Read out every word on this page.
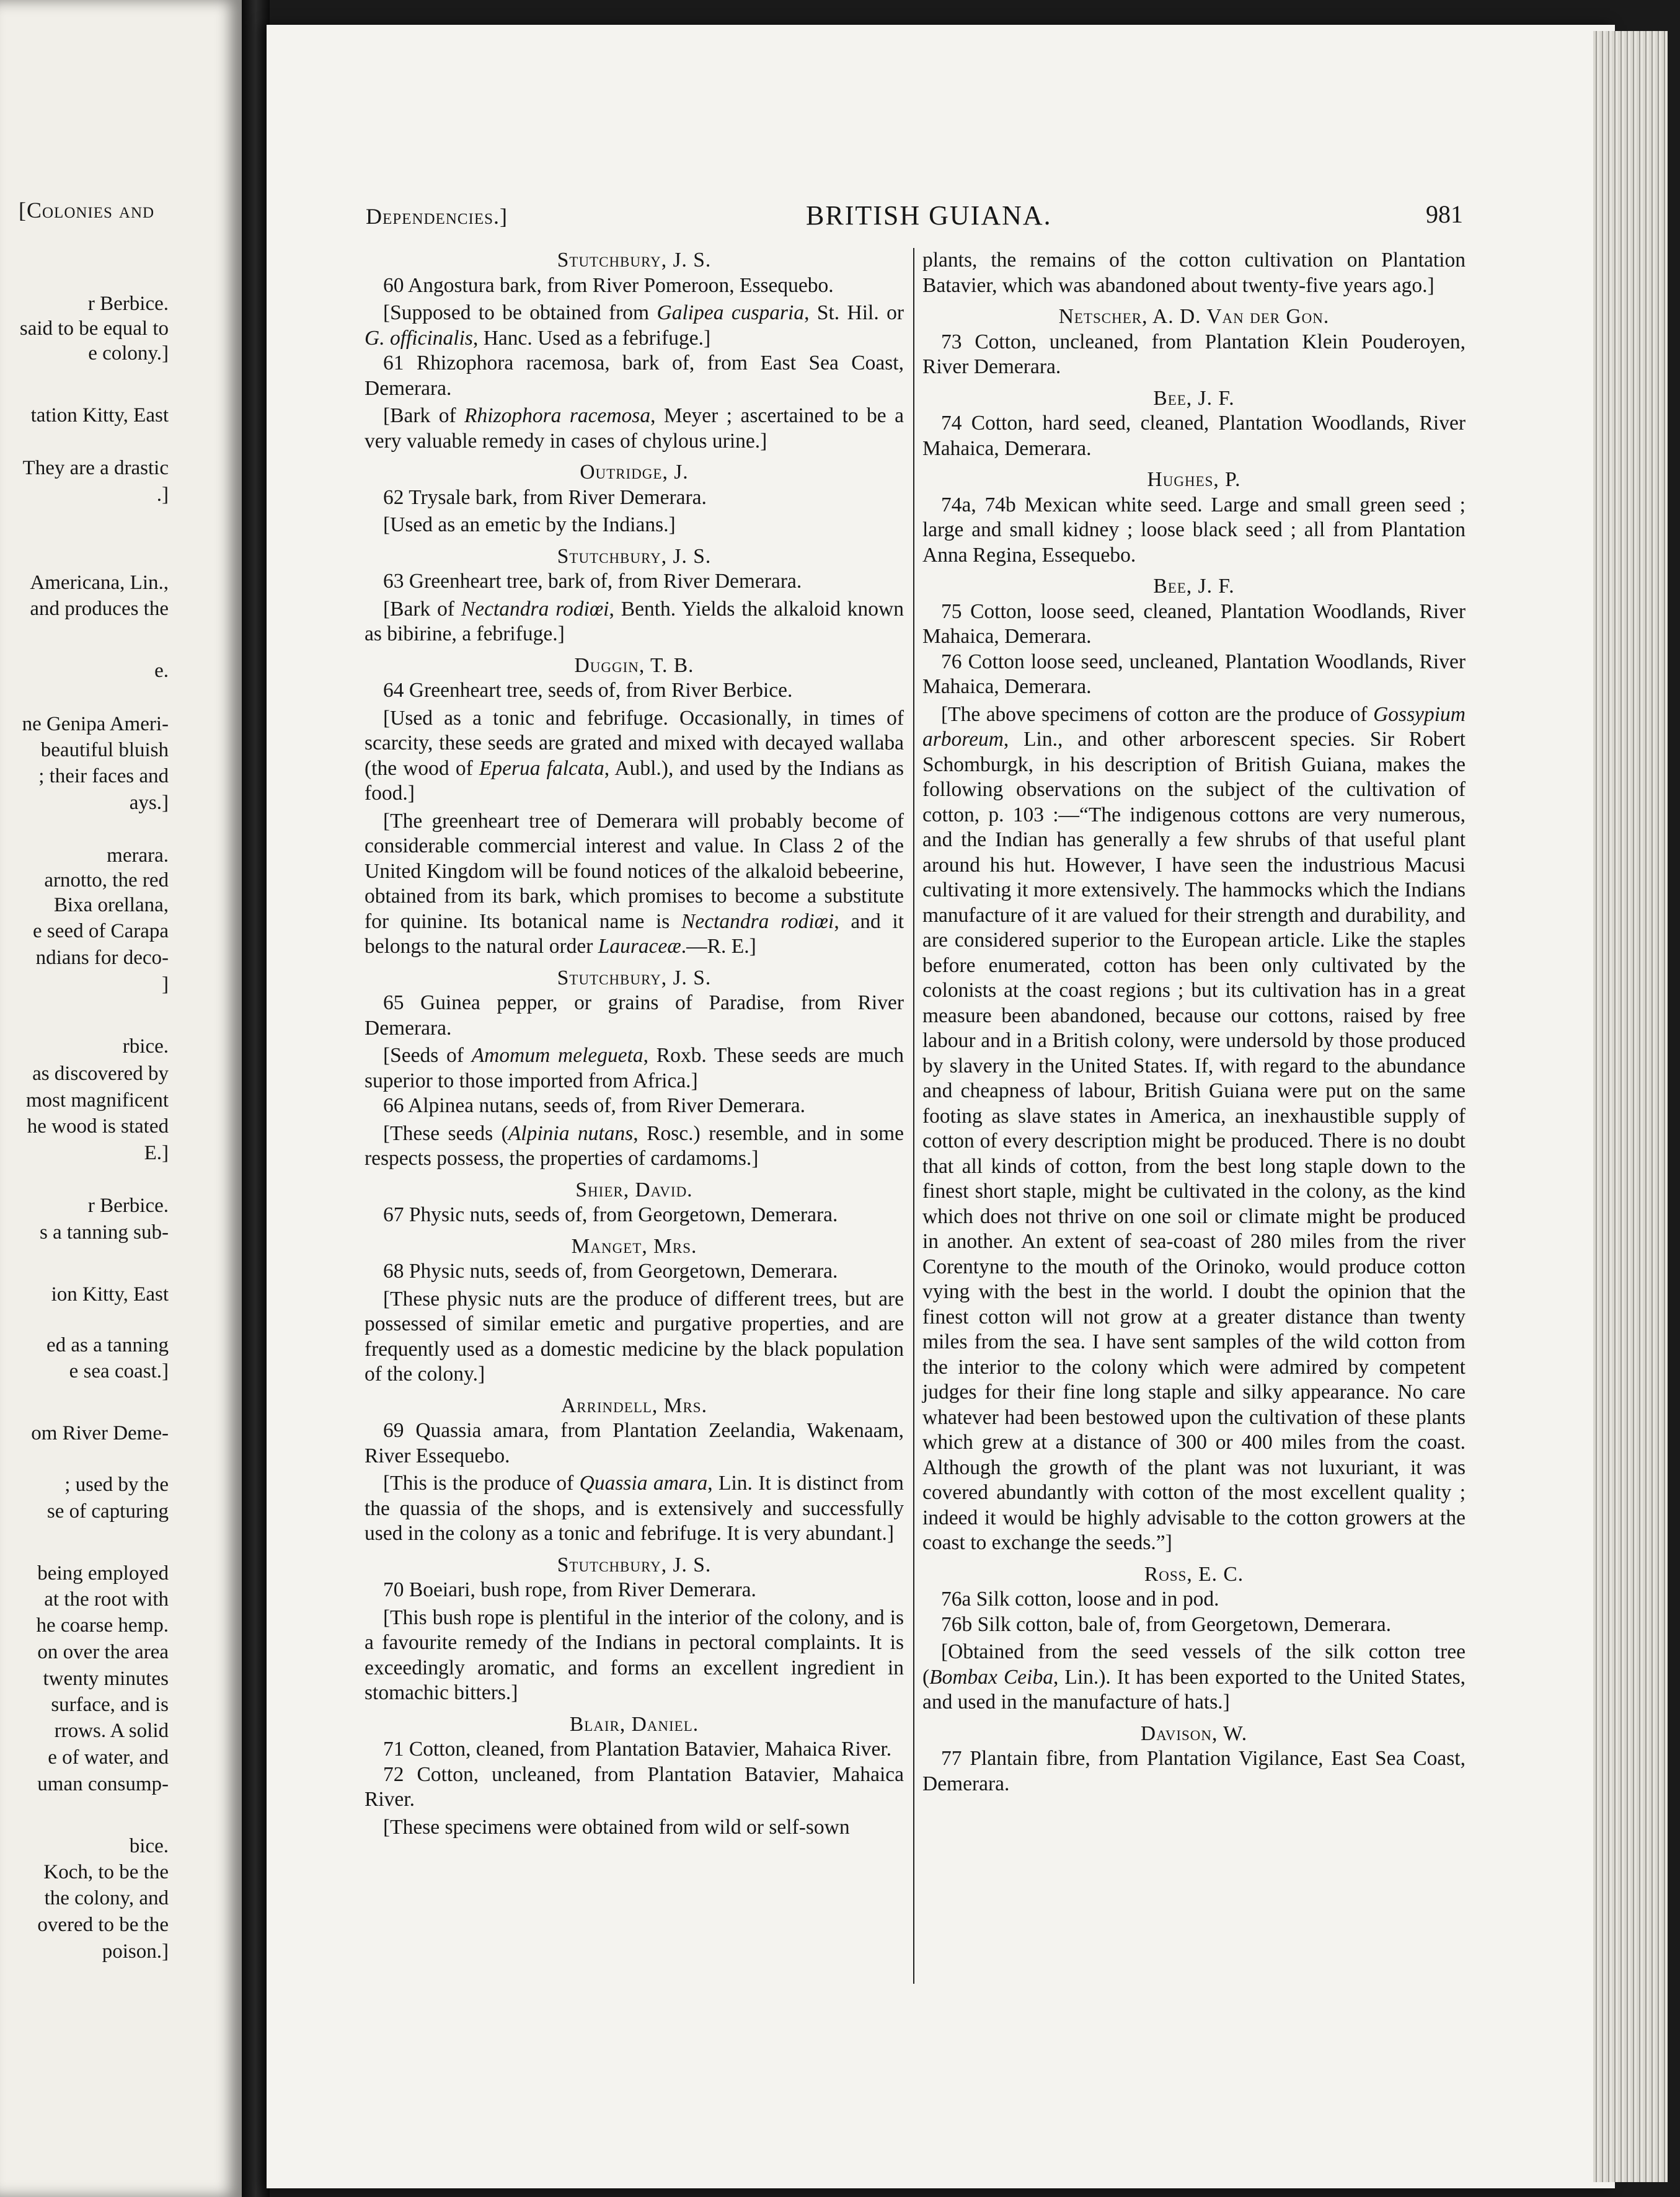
[Colonies and
r Berbice.
said to be equal to
e colony.]
tation Kitty, East
They are a drastic
.]
Americana, Lin.,
and produces the
e.
ne Genipa Ameri-
beautiful bluish
; their faces and
ays.]
merara.
arnotto, the red
Bixa orellana,
e seed of Carapa
ndians for deco-
]
rbice.
as discovered by
most magnificent
he wood is stated
E.]
r Berbice.
s a tanning sub-
ion Kitty, East
ed as a tanning
e sea coast.]
om River Deme-
; used by the
se of capturing
being employed
at the root with
he coarse hemp.
on over the area
twenty minutes
surface, and is
rrows. A solid
e of water, and
uman consump-
bice.
Koch, to be the
the colony, and
overed to be the
poison.]
Dependencies.]	BRITISH GUIANA.	981

Stutchbury, J. S.

60 Angostura bark, from River Pomeroon, Essequebo.

[Supposed to be obtained from Galipea cusparia, St. Hil. or G. officinalis, Hanc. Used as a febrifuge.]

61 Rhizophora racemosa, bark of, from East Sea Coast, Demerara.

[Bark of Rhizophora racemosa, Meyer ; ascertained to be a very valuable remedy in cases of chylous urine.]

Outridge, J.

62 Trysale bark, from River Demerara.

[Used as an emetic by the Indians.]

Stutchbury, J. S.

63 Greenheart tree, bark of, from River Demerara.

[Bark of Nectandra rodiœi, Benth. Yields the alkaloid known as bibirine, a febrifuge.]

Duggin, T. B.

64 Greenheart tree, seeds of, from River Berbice.

[Used as a tonic and febrifuge. Occasionally, in times of scarcity, these seeds are grated and mixed with decayed wallaba (the wood of Eperua falcata, Aubl.), and used by the Indians as food.]

[The greenheart tree of Demerara will probably become of considerable commercial interest and value. In Class 2 of the United Kingdom will be found notices of the alkaloid bebeerine, obtained from its bark, which promises to become a substitute for quinine. Its botanical name is Nectandra rodiœi, and it belongs to the natural order Lauraceæ.—R. E.]

Stutchbury, J. S.

65 Guinea pepper, or grains of Paradise, from River Demerara.

[Seeds of Amomum melegueta, Roxb. These seeds are much superior to those imported from Africa.]

66 Alpinea nutans, seeds of, from River Demerara.

[These seeds (Alpinia nutans, Rosc.) resemble, and in some respects possess, the properties of cardamoms.]

Shier, David.

67 Physic nuts, seeds of, from Georgetown, Demerara.

Manget, Mrs.

68 Physic nuts, seeds of, from Georgetown, Demerara.

[These physic nuts are the produce of different trees, but are possessed of similar emetic and purgative properties, and are frequently used as a domestic medicine by the black population of the colony.]

Arrindell, Mrs.

69 Quassia amara, from Plantation Zeelandia, Wakenaam, River Essequebo.

[This is the produce of Quassia amara, Lin. It is distinct from the quassia of the shops, and is extensively and successfully used in the colony as a tonic and febrifuge. It is very abundant.]

Stutchbury, J. S.

70 Boeiari, bush rope, from River Demerara.

[This bush rope is plentiful in the interior of the colony, and is a favourite remedy of the Indians in pectoral complaints. It is exceedingly aromatic, and forms an excellent ingredient in stomachic bitters.]

Blair, Daniel.

71 Cotton, cleaned, from Plantation Batavier, Mahaica River.

72 Cotton, uncleaned, from Plantation Batavier, Mahaica River.

[These specimens were obtained from wild or self-sown

plants, the remains of the cotton cultivation on Plantation Batavier, which was abandoned about twenty-five years ago.]

Netscher, A. D. Van der Gon.

73 Cotton, uncleaned, from Plantation Klein Pouderoyen, River Demerara.

Bee, J. F.

74 Cotton, hard seed, cleaned, Plantation Woodlands, River Mahaica, Demerara.

Hughes, P.

74a, 74b Mexican white seed. Large and small green seed ; large and small kidney ; loose black seed ; all from Plantation Anna Regina, Essequebo.

Bee, J. F.

75 Cotton, loose seed, cleaned, Plantation Woodlands, River Mahaica, Demerara.

76 Cotton loose seed, uncleaned, Plantation Woodlands, River Mahaica, Demerara.

[The above specimens of cotton are the produce of Gossypium arboreum, Lin., and other arborescent species. Sir Robert Schomburgk, in his description of British Guiana, makes the following observations on the subject of the cultivation of cotton, p. 103 :—“The indigenous cottons are very numerous, and the Indian has generally a few shrubs of that useful plant around his hut. However, I have seen the industrious Macusi cultivating it more extensively. The hammocks which the Indians manufacture of it are valued for their strength and durability, and are considered superior to the European article. Like the staples before enumerated, cotton has been only cultivated by the colonists at the coast regions ; but its cultivation has in a great measure been abandoned, because our cottons, raised by free labour and in a British colony, were undersold by those produced by slavery in the United States. If, with regard to the abundance and cheapness of labour, British Guiana were put on the same footing as slave states in America, an inexhaustible supply of cotton of every description might be produced. There is no doubt that all kinds of cotton, from the best long staple down to the finest short staple, might be cultivated in the colony, as the kind which does not thrive on one soil or climate might be produced in another. An extent of sea-coast of 280 miles from the river Corentyne to the mouth of the Orinoko, would produce cotton vying with the best in the world. I doubt the opinion that the finest cotton will not grow at a greater distance than twenty miles from the sea. I have sent samples of the wild cotton from the interior to the colony which were admired by competent judges for their fine long staple and silky appearance. No care whatever had been bestowed upon the cultivation of these plants which grew at a distance of 300 or 400 miles from the coast. Although the growth of the plant was not luxuriant, it was covered abundantly with cotton of the most excellent quality ; indeed it would be highly advisable to the cotton growers at the coast to exchange the seeds.”]

Ross, E. C.

76a Silk cotton, loose and in pod.

76b Silk cotton, bale of, from Georgetown, Demerara.

[Obtained from the seed vessels of the silk cotton tree (Bombax Ceiba, Lin.). It has been exported to the United States, and used in the manufacture of hats.]

Davison, W.

77 Plantain fibre, from Plantation Vigilance, East Sea Coast, Demerara.
